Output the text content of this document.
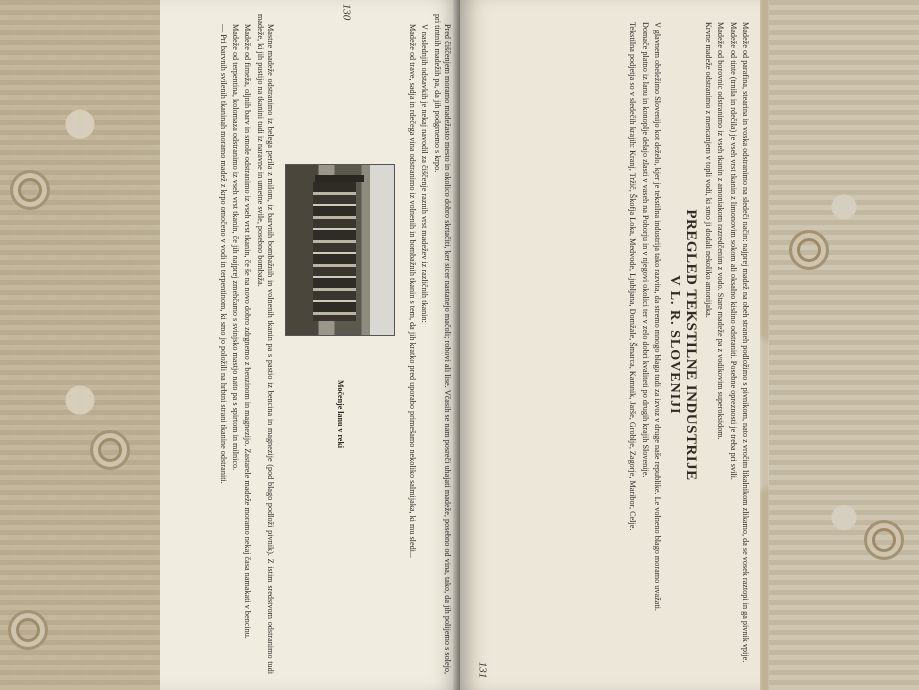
Pred čiščenjem moramo madežasto mesto in okolico dobro skrtačiti, ker sicer nastanejo mačoli; robovi ali lise. Včasih se nam posreči uhajati madeže, posebno od vina, tako, da jih polijemo s solejo, pri tintnih madežih pa, da jih podgrnemo s krpo.

V naslednjih odstavkih je nekaj navodil za čiščenje raznih vrst madežev iz različnih tkanin:

Madeže od trave, sadja in rdečega vina odstranimo iz volnenih in bombažnih tkanin s tem, da jih kratko pred uporabo primešamo nekoliko salmijaka, ki mu sledi...

Močenje lanu v reki

Mastne madeže odstranimo iz belega perila z milom, iz barvnih bombažnih in volnenih tkanin pa s pastio iz bencina in magnezije (pod blago podloži pivnik). Z istim sredstvom odstranimo tudi madeže, ki jih pustijo na tkanini tudi iz naravne in umetne svile, posebno bombaža.

Madeže od firneža, oljnih barv in smole odstranimo iz vseh vrst tkanin, če še na novo dobro zdrgnemo z benzinom in magnezijo. Zastarele madeže moramo nekaj časa namakati v bencinu.

Madeže od terpentina, kolomaza odstranimo iz vseh vrst tkanin, če jih najprej zmehčamo s svinjsko mastjo nato pa s spirtom in milnico.

— Pri barvnih svilenih tkaninah moramo madež z krpo omočeno v vodi in terpentinom, ki smo jo položili na hrbtni strani tkanine odstraniti.

130

Madeže od parafina, stearina in voska odstranimo na sledeči način: najprej madež na obeh straneh podložimo s pivnikom, nato z vročim likalnikom zlikamo, da se vosek raztopi in ga pivnik vpije.

Madeže od tinte (trnila in rdečila) je vseh vrst tkanin z limonovim sokom ali oksalno kislino odstraniti. Posebne opreznosti je treba pri svili.

Madeže od borovnic odstranimo iz vseh tkanin z amoniakom razredčenim z vodo. Stare madeže pa z vodikovim superoksidom.

Krvne madeže odstranimo z mencanjem v topli vodi, ki smo ji dodali nekoliko amonijaka.

PREGLED TEKSTILNE INDUSTRIJE
V L. R. SLOVENIJI

V glavnem obeležimo Slovenijo kot deželo, kjer je tekstilna industrija tako razvita, da stremo mnogo blaga tudi za izvoz v druge naše republike. Le volneno blago moramo uvažati.

Domače platno iz lanu in konoplje delajo zlasti v vaseh na Pohorju in v njegovi okolici ter v zelo dobri kvaliteti po drugih krajih Slovenije.

Tekstilna podjetja so v sledečih krajih: Kranj, Tržič, Škofja Loka, Medvode, Ljubljana, Domžale, Šmarca, Kamnik, Jarše, Groblje, Zagorje, Maribor, Celje.

131
